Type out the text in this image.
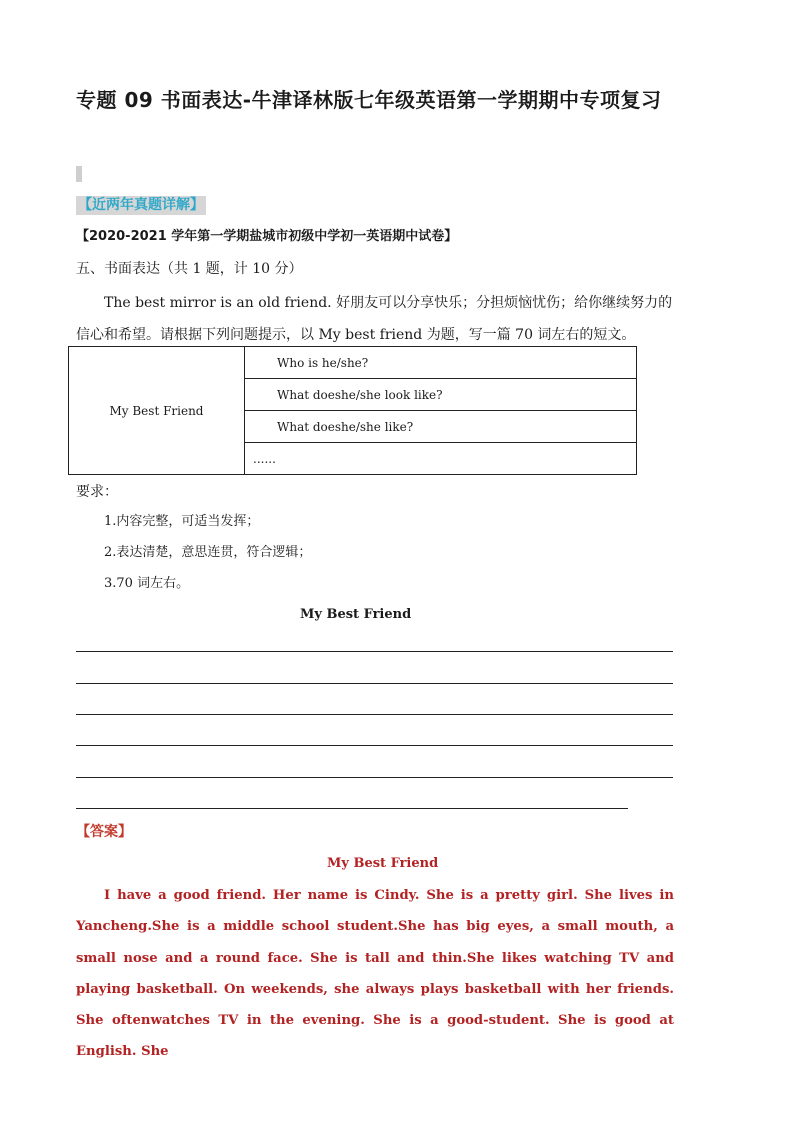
专题 09 书面表达-牛津译林版七年级英语第一学期期中专项复习
【近两年真题详解】
【2020-2021 学年第一学期盐城市初级中学初一英语期中试卷】
五、书面表达（共 1 题，计 10 分）
The best mirror is an old friend. 好朋友可以分享快乐；分担烦恼忧伤；给你继续努力的信心和希望。请根据下列问题提示，以 My best friend 为题，写一篇 70 词左右的短文。
My Best Friend	Who is he/she?
What doeshe/she look like?
What doeshe/she like?
......
要求：
1.内容完整，可适当发挥；
2.表达清楚，意思连贯，符合逻辑；
3.70 词左右。
My Best Friend
【答案】
My Best Friend
I have a good friend. Her name is Cindy. She is a pretty girl. She lives in Yancheng.She is a middle school student.She has big eyes, a small mouth, a small nose and a round face. She is tall and thin.She likes watching TV and playing basketball. On weekends, she always plays basketball with her friends. She oftenwatches TV in the evening. She is a good-student. She is good at English. She
